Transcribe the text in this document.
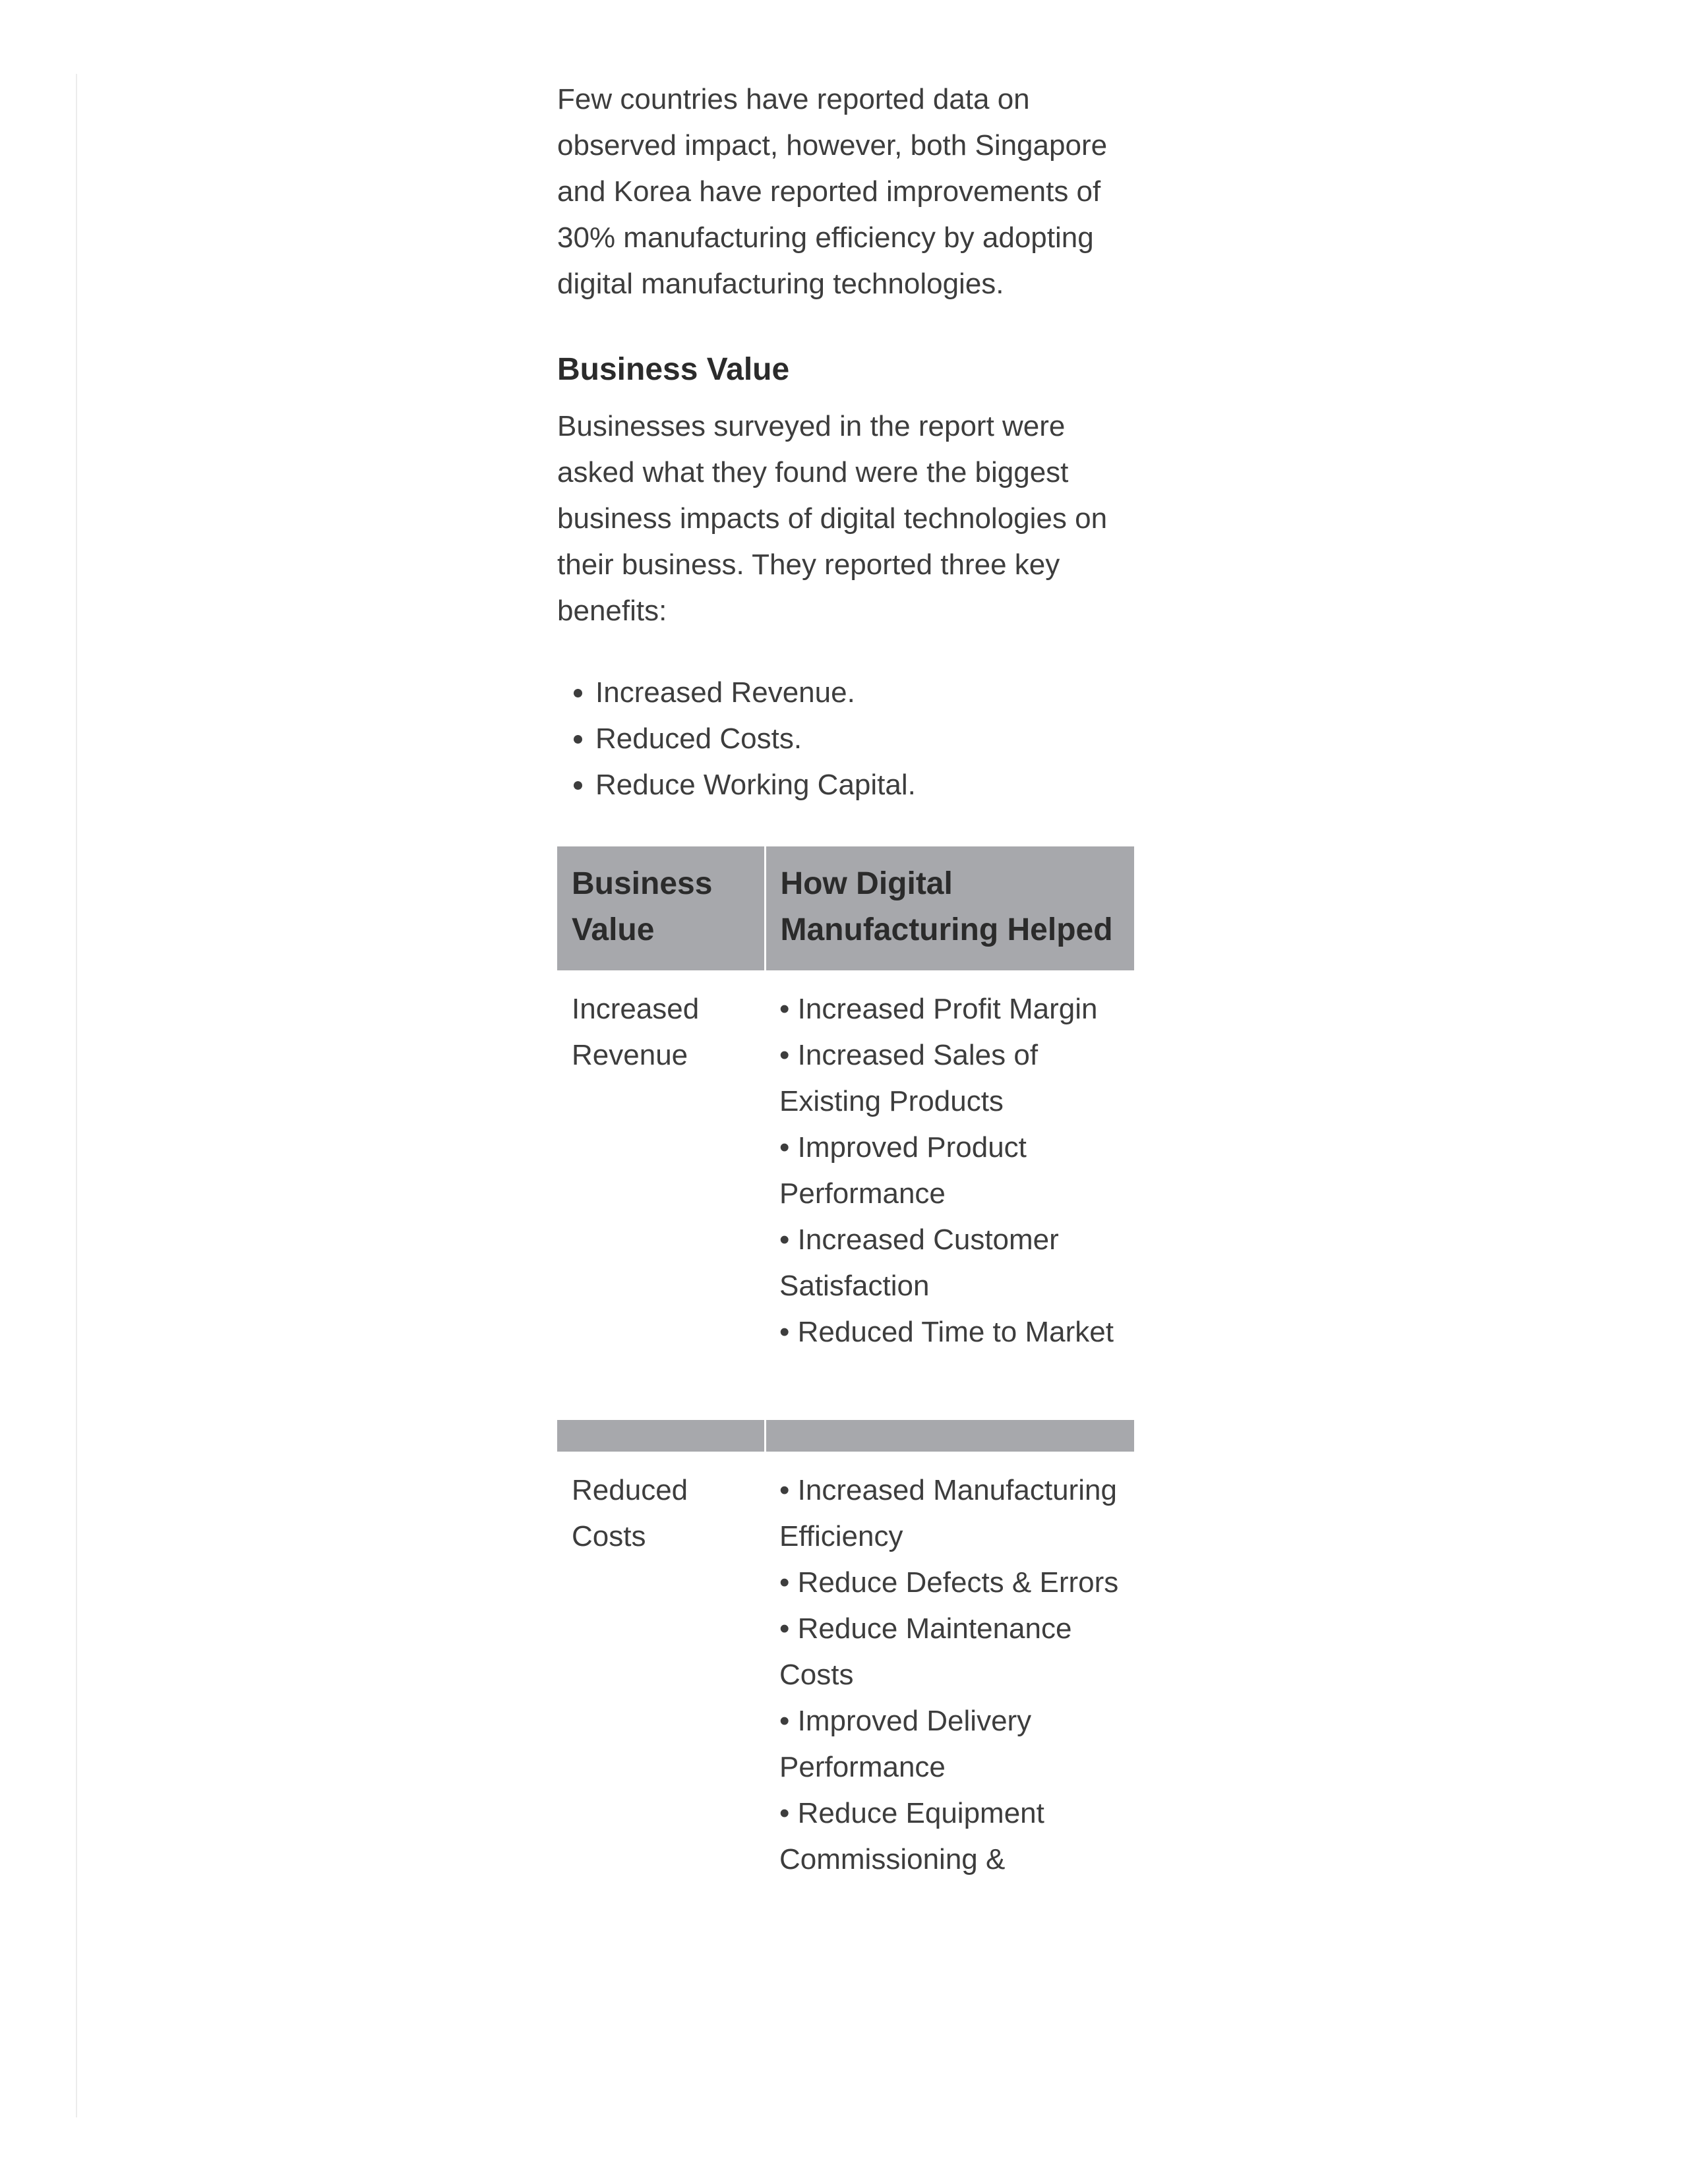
Few countries have reported data on observed impact, however, both Singapore and Korea have reported improvements of 30% manufacturing efficiency by adopting digital manufacturing technologies.

Business Value

Businesses surveyed in the report were asked what they found were the biggest business impacts of digital technologies on their business. They reported three key benefits:

• Increased Revenue.
• Reduced Costs.
• Reduce Working Capital.
Business Value	How Digital Manufacturing Helped
Increased Revenue	• Increased Profit Margin
• Increased Sales of Existing Products
• Improved Product Performance
• Increased Customer Satisfaction
• Reduced Time to Market

Reduced Costs	• Increased Manufacturing Efficiency
• Reduce Defects & Errors
• Reduce Maintenance Costs
• Improved Delivery Performance
• Reduce Equipment Commissioning &
